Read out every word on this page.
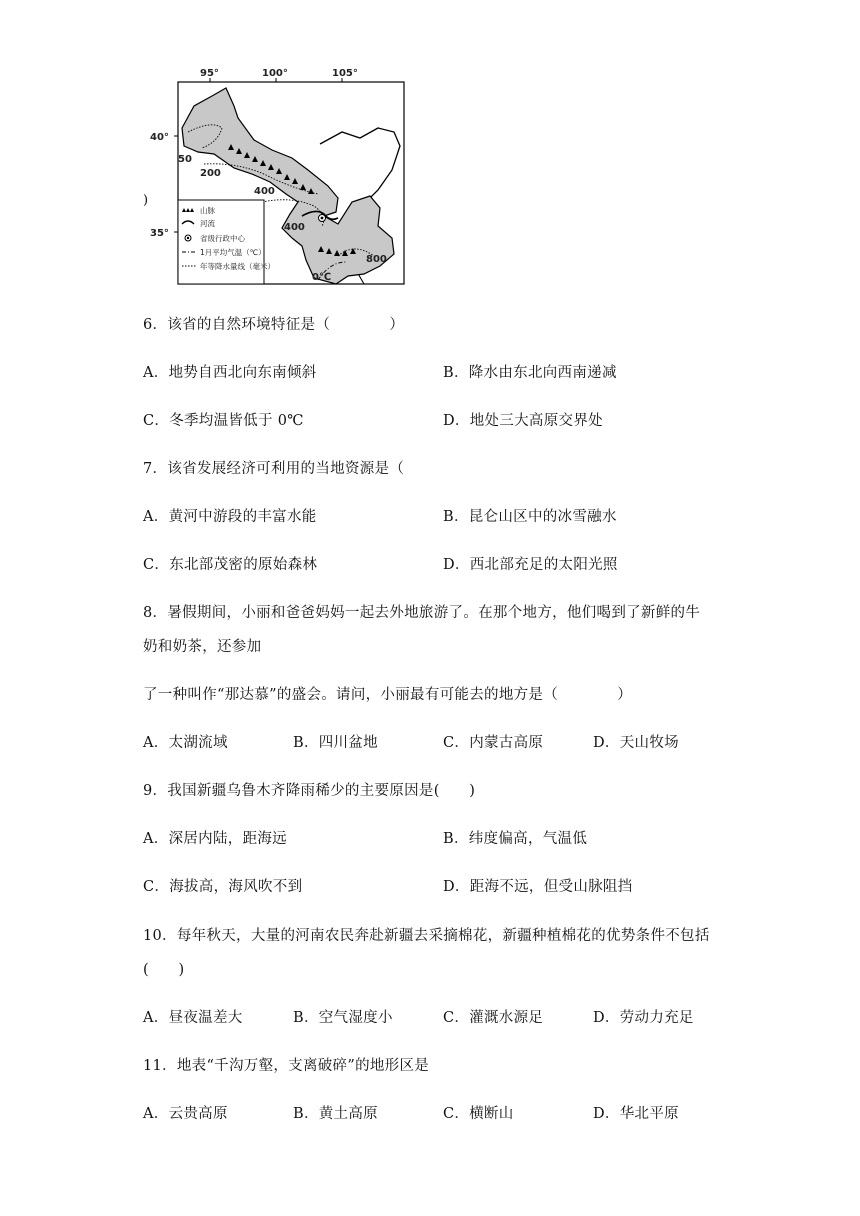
95°	100°	105°
40°
35°
50
200
400
400
800
0℃
山脉
河流
省级行政中心
1月平均气温（℃）
年等降水量线（毫米）
)
6．该省的自然环境特征是（　　　　）
A．地势自西北向东南倾斜	B．降水由东北向西南递减
C．冬季均温皆低于 0℃	D．地处三大高原交界处
7．该省发展经济可利用的当地资源是（
A．黄河中游段的丰富水能	B．昆仑山区中的冰雪融水
C．东北部茂密的原始森林	D．西北部充足的太阳光照
8．暑假期间，小丽和爸爸妈妈一起去外地旅游了。在那个地方，他们喝到了新鲜的牛
奶和奶茶，还参加
了一种叫作“那达慕”的盛会。请问，小丽最有可能去的地方是（　　　　）
A．太湖流域	B．四川盆地	C．内蒙古高原	D．天山牧场
9．我国新疆乌鲁木齐降雨稀少的主要原因是(　　)
A．深居内陆，距海远	B．纬度偏高，气温低
C．海拔高，海风吹不到	D．距海不远，但受山脉阻挡
10．每年秋天，大量的河南农民奔赴新疆去采摘棉花，新疆种植棉花的优势条件不包括
(　　)
A．昼夜温差大	B．空气湿度小	C．灌溉水源足	D．劳动力充足
11．地表“千沟万壑，支离破碎”的地形区是
A．云贵高原	B．黄土高原	C．横断山	D．华北平原
